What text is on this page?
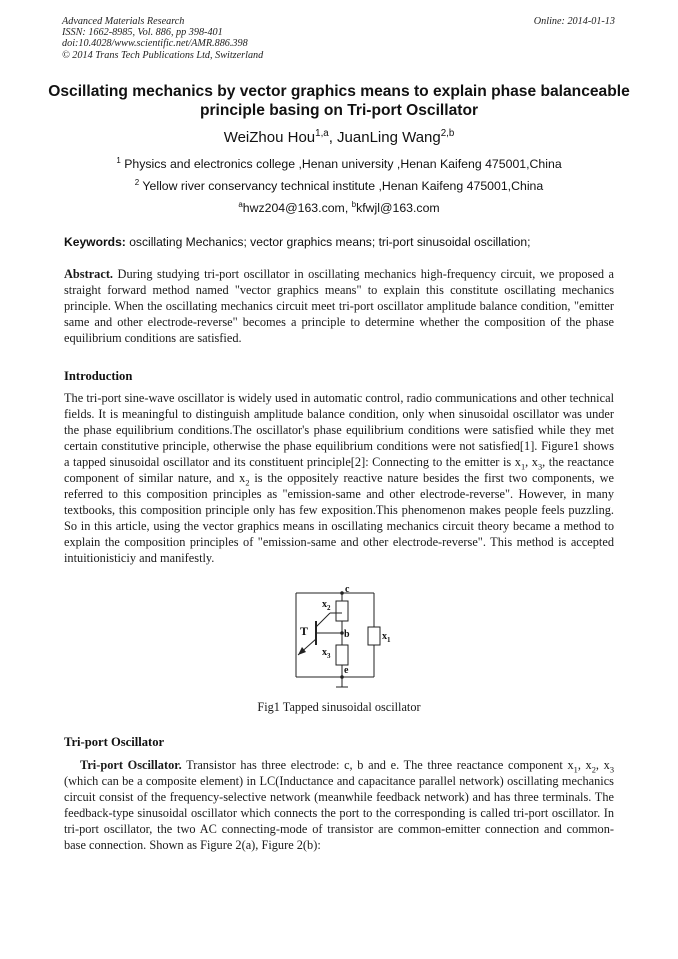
Advanced Materials Research
ISSN: 1662-8985, Vol. 886, pp 398-401
doi:10.4028/www.scientific.net/AMR.886.398
© 2014 Trans Tech Publications Ltd, Switzerland
Online: 2014-01-13
Oscillating mechanics by vector graphics means to explain phase balanceable principle basing on Tri-port Oscillator
WeiZhou Hou$^{1,a}$, JuanLing Wang$^{2,b}$
$^1$ Physics and electronics college ,Henan university ,Henan Kaifeng 475001,China
$^2$ Yellow river conservancy technical institute ,Henan Kaifeng 475001,China
$^a$hwz204@163.com, $^b$kfwjl@163.com
Keywords: oscillating Mechanics; vector graphics means; tri-port sinusoidal oscillation;

Abstract. During studying tri-port oscillator in oscillating mechanics high-frequency circuit, we proposed a straight forward method named "vector graphics means" to explain this constitute oscillating mechanics principle. When the oscillating mechanics circuit meet tri-port oscillator amplitude balance condition, "emitter same and other electrode-reverse" becomes a principle to determine whether the composition of the phase equilibrium conditions are satisfied.

Introduction

The tri-port sine-wave oscillator is widely used in automatic control, radio communications and other technical fields. It is meaningful to distinguish amplitude balance condition, only when sinusoidal oscillator was under the phase equilibrium conditions.The oscillator's phase equilibrium conditions were satisfied while they met certain constitutive principle, otherwise the phase equilibrium conditions were not satisfied[1]. Figure1 shows a tapped sinusoidal oscillator and its constituent principle[2]: Connecting to the emitter is $x_1$, $x_3$, the reactance component of similar nature, and $x_2$ is the oppositely reactive nature besides the first two components, we referred to this composition principles as "emission-same and other electrode-reverse". However, in many textbooks, this composition principle only has few exposition.This phenomenon makes people feels puzzling. So in this article, using the vector graphics means in oscillating mechanics circuit theory became a method to explain the composition principles of "emission-same and other electrode-reverse". This method is accepted intuitionisticiy and manifestly.

c
b
e
T
$x_2$
$x_3$
$x_1$
Fig1 Tapped sinusoidal oscillator
Tri-port Oscillator

Tri-port Oscillator. Transistor has three electrode: c, b and e. The three reactance component $x_1$, $x_2$, $x_3$ (which can be a composite element) in LC(Inductance and capacitance parallel network) oscillating mechanics circuit consist of the frequency-selective network (meanwhile feedback network) and has three terminals. The feedback-type sinusoidal oscillator which connects the port to the corresponding is called tri-port oscillator. In tri-port oscillator, the two AC connecting-mode of transistor are common-emitter connection and common-base connection. Shown as Figure 2(a), Figure 2(b):
